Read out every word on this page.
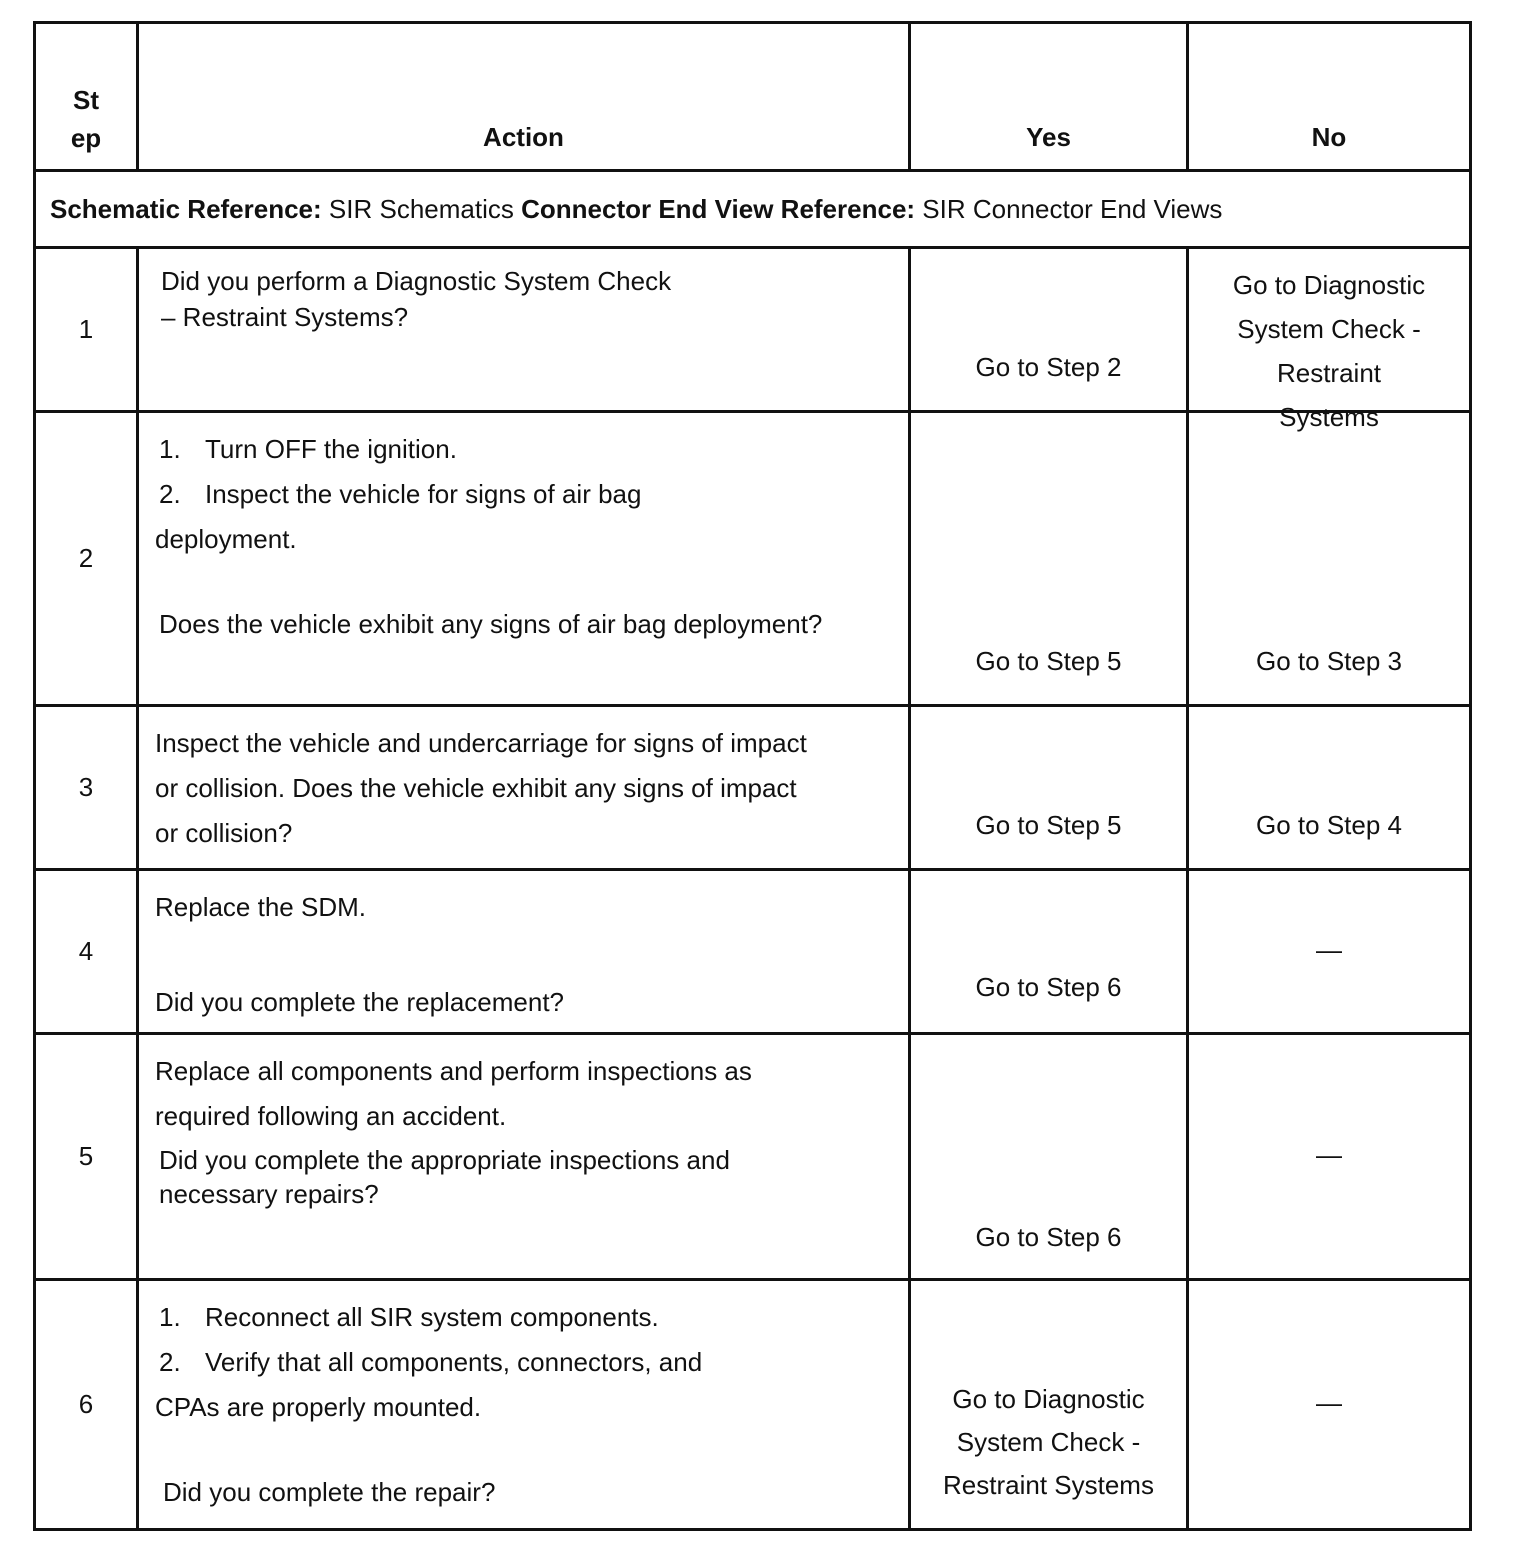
St ep	Action	Yes	No
Schematic Reference: SIR Schematics Connector End View Reference: SIR Connector End Views			
1	Did you perform a Diagnostic System Check
– Restraint Systems?	Go to Step 2	Go to Diagnostic System Check - Restraint Systems

2	1. Turn OFF the ignition.
2. Inspect the vehicle for signs of air bag deployment.
Does the vehicle exhibit any signs of air bag deployment?	Go to Step 5	Go to Step 3

3	Inspect the vehicle and undercarriage for signs of impact or collision. Does the vehicle exhibit any signs of impact or collision?	Go to Step 5	Go to Step 4

4	Replace the SDM.
Did you complete the replacement?	Go to Step 6	—

5	Replace all components and perform inspections as required following an accident.
Did you complete the appropriate inspections and necessary repairs?	Go to Step 6	—

6	1. Reconnect all SIR system components.
2. Verify that all components, connectors, and CPAs are properly mounted.
Did you complete the repair?	Go to Diagnostic System Check - Restraint Systems	—
